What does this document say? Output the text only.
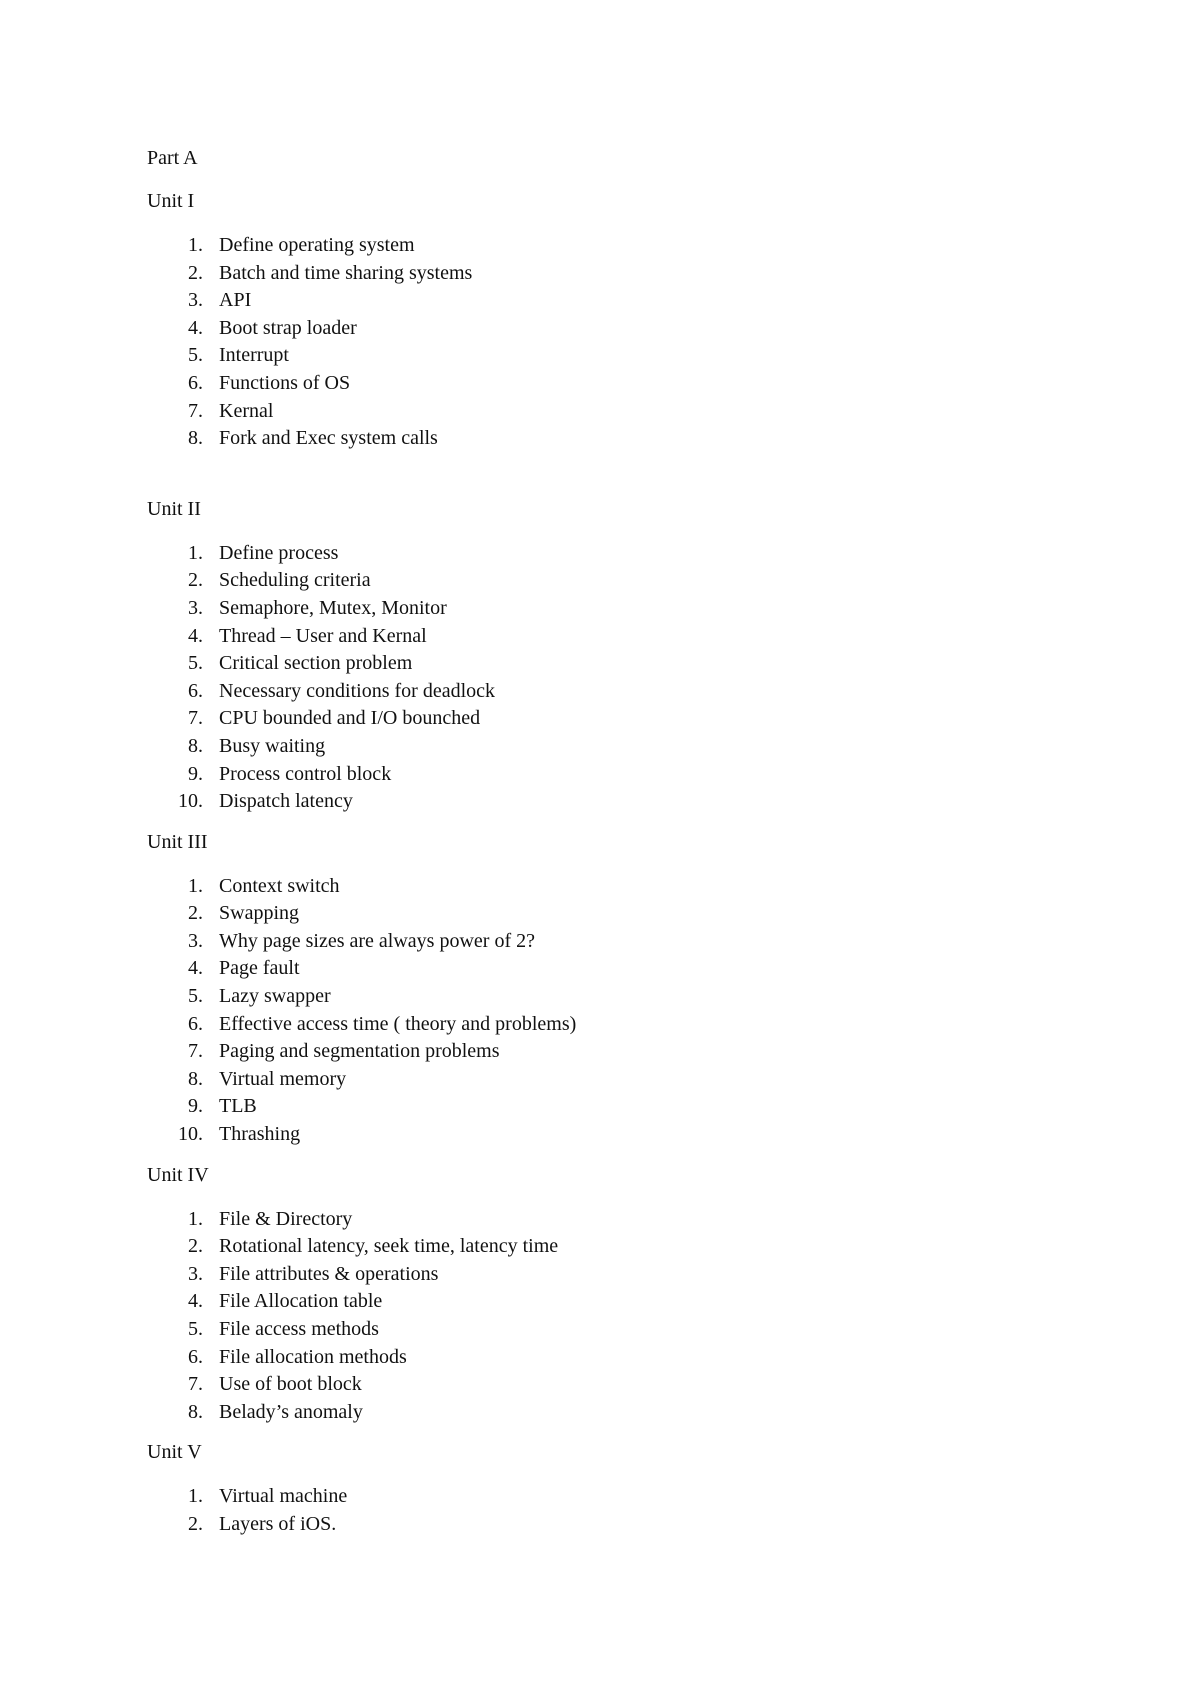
Part A
Unit I
1. Define operating system
2. Batch and time sharing systems
3. API
4. Boot strap loader
5. Interrupt
6. Functions of OS
7. Kernal
8. Fork and Exec system calls
Unit II
1. Define process
2. Scheduling criteria
3. Semaphore, Mutex, Monitor
4. Thread – User and Kernal
5. Critical section problem
6. Necessary conditions for deadlock
7. CPU bounded and I/O bounched
8. Busy waiting
9. Process control block
10. Dispatch latency
Unit III
1. Context switch
2. Swapping
3. Why page sizes are always power of 2?
4. Page fault
5. Lazy swapper
6. Effective access time ( theory and problems)
7. Paging and segmentation problems
8. Virtual memory
9. TLB
10. Thrashing
Unit IV
1. File & Directory
2. Rotational latency, seek time, latency time
3. File attributes & operations
4. File Allocation table
5. File access methods
6. File allocation methods
7. Use of boot block
8. Belady’s anomaly
Unit V
1. Virtual machine
2. Layers of iOS.
